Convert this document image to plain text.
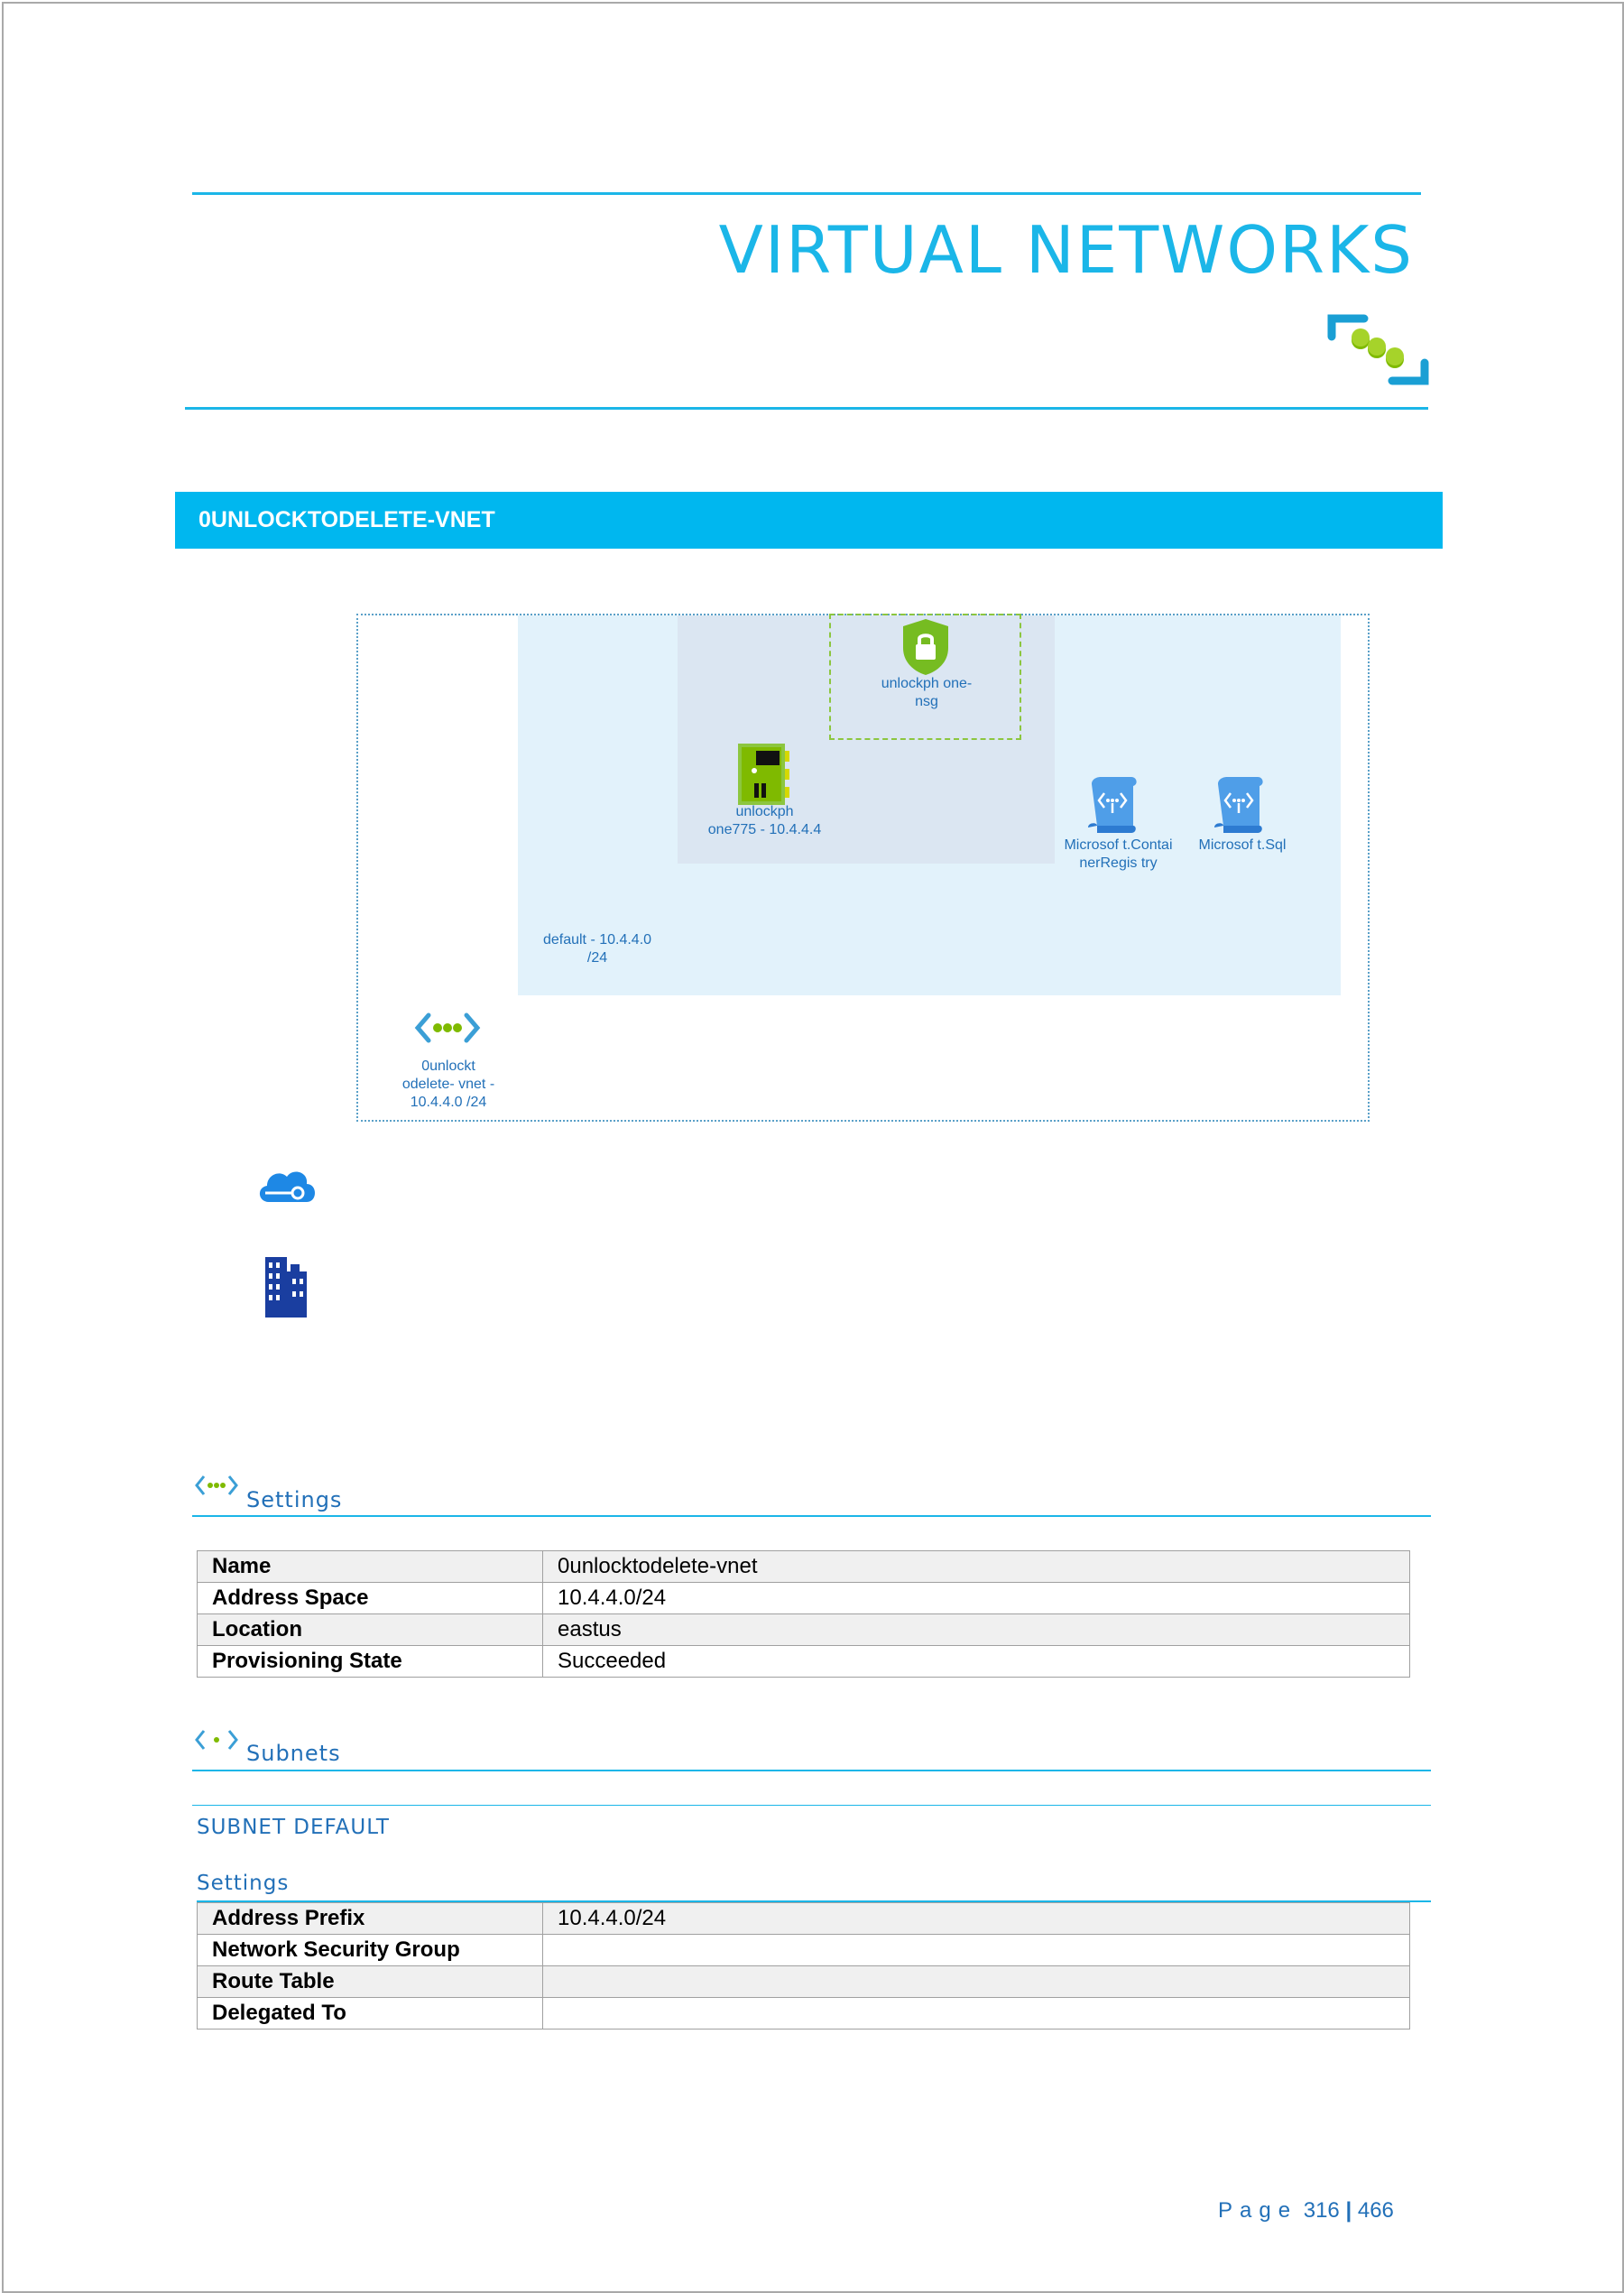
VIRTUAL NETWORKS
0UNLOCKTODELETE-VNET
unlockph one-
nsg
unlockph
one775 - 10.4.4.4
Microsof t.Contai
nerRegis try
Microsof t.Sql
default - 10.4.4.0
/24
0unlockt
odelete- vnet -
10.4.4.0 /24
Settings
Name	0unlocktodelete-vnet
Address Space	10.4.4.0/24
Location	eastus
Provisioning State	Succeeded
Subnets
SUBNET DEFAULT
Settings
Address Prefix	10.4.4.0/24
Network Security Group	
Route Table	
Delegated To	
Page 316 | 466
